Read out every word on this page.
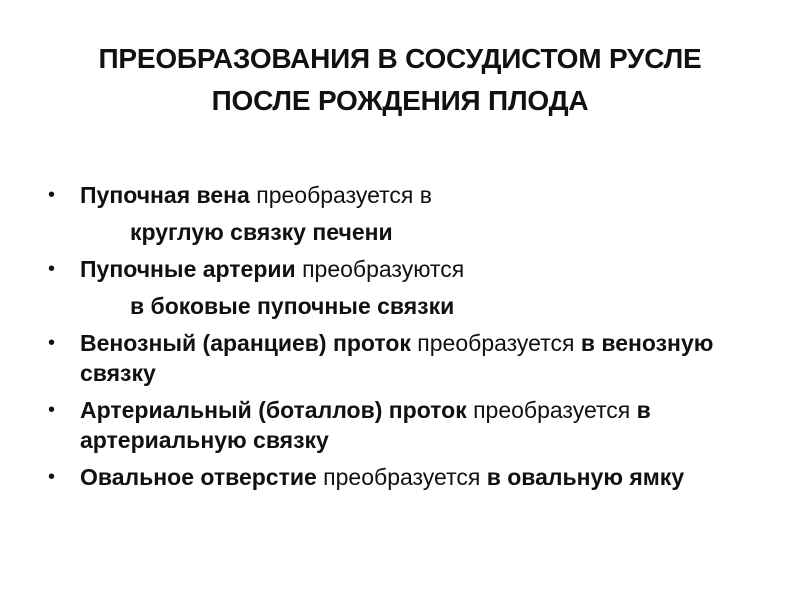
ПРЕОБРАЗОВАНИЯ В СОСУДИСТОМ РУСЛЕ
ПОСЛЕ РОЖДЕНИЯ ПЛОДА
• Пупочная вена преобразуется в
круглую связку печени
• Пупочные артерии преобразуются
в боковые пупочные связки
• Венозный (аранциев) проток преобразуется в венозную связку
• Артериальный (боталлов) проток преобразуется в артериальную связку
• Овальное отверстие преобразуется в овальную ямку
